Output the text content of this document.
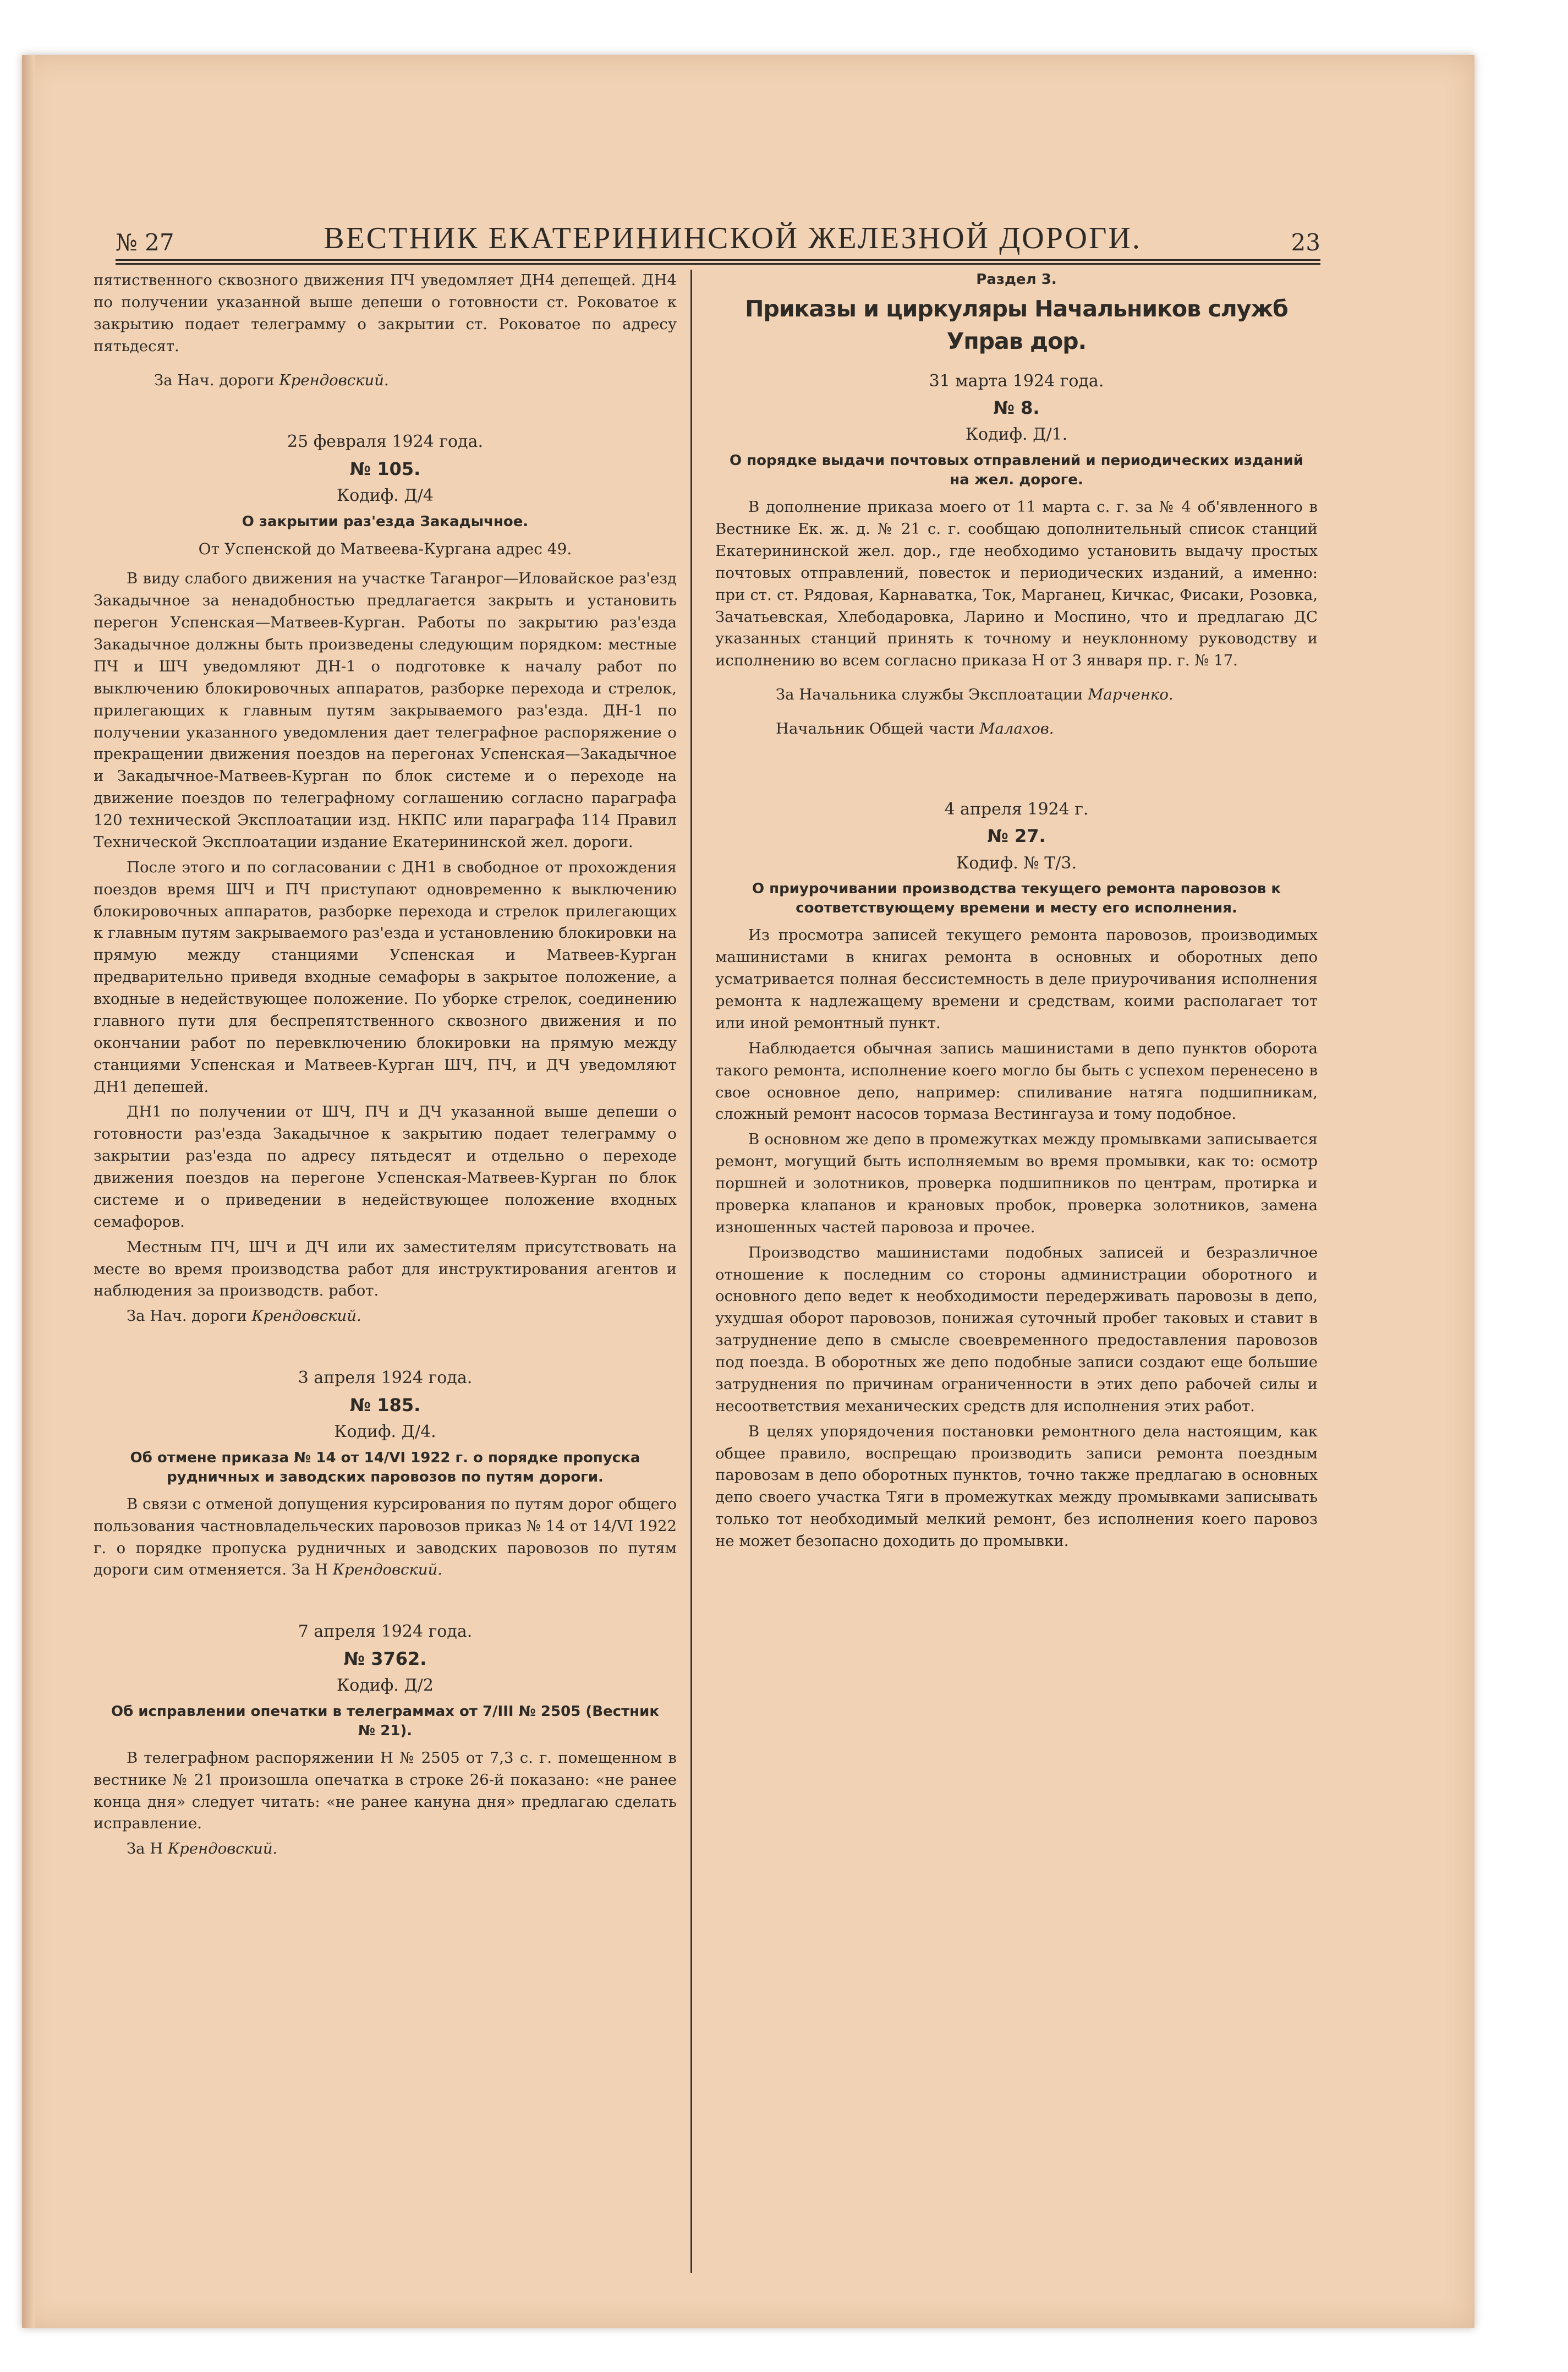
№ 27	ВЕСТНИК ЕКАТЕРИНИНСКОЙ ЖЕЛЕЗНОЙ ДОРОГИ.	23

пятиственного сквозного движения ПЧ уведомляет ДН4 депещей. ДН4 по получении указанной выше депеши о готовности ст. Роковатое к закрытию подает телеграмму о закрытии ст. Роковатое по адресу пятьдесят.

За Нач. дороги Крендовский.

25 февраля 1924 года.
№ 105.
Кодиф. Д/4
О закрытии раз'езда Закадычное.
От Успенской до Матвеева-Кургана адрес 49.

В виду слабого движения на участке Таганрог—Иловайское раз'езд Закадычное за ненадобностью предлагается закрыть и установить перегон Успенская—Матвеев-Курган. Работы по закрытию раз'езда Закадычное должны быть произведены следующим порядком: местные ПЧ и ШЧ уведомляют ДН-1 о подготовке к началу работ по выключению блокировочных аппаратов, разборке перехода и стрелок, прилегающих к главным путям закрываемого раз'езда. ДН-1 по получении указанного уведомления дает телеграфное распоряжение о прекращении движения поездов на перегонах Успенская—Закадычное и Закадычное-Матвеев-Курган по блок системе и о переходе на движение поездов по телеграфному соглашению согласно параграфа 120 технической Эксплоатации изд. НКПС или параграфа 114 Правил Технической Эксплоатации издание Екатерининской жел. дороги.

После этого и по согласовании с ДН1 в свободное от прохождения поездов время ШЧ и ПЧ приступают одновременно к выключению блокировочных аппаратов, разборке перехода и стрелок прилегающих к главным путям закрываемого раз'езда и установлению блокировки на прямую между станциями Успенская и Матвеев-Курган предварительно приведя входные семафоры в закрытое положение, а входные в недействующее положение. По уборке стрелок, соединению главного пути для беспрепятственного сквозного движения и по окончании работ по перевключению блокировки на прямую между станциями Успенская и Матвеев-Курган ШЧ, ПЧ, и ДЧ уведомляют ДН1 депешей.

ДН1 по получении от ШЧ, ПЧ и ДЧ указанной выше депеши о готовности раз'езда Закадычное к закрытию подает телеграмму о закрытии раз'езда по адресу пятьдесят и отдельно о переходе движения поездов на перегоне Успенская-Матвеев-Курган по блок системе и о приведении в недействующее положение входных семафоров.

Местным ПЧ, ШЧ и ДЧ или их заместителям присутствовать на месте во время производства работ для инструктирования агентов и наблюдения за производств. работ.

За Нач. дороги Крендовский.

3 апреля 1924 года.
№ 185.
Кодиф. Д/4.
Об отмене приказа № 14 от 14/VI 1922 г. о порядке пропуска рудничных и заводских паровозов по путям дороги.

В связи с отменой допущения курсирования по путям дорог общего пользования частновладельческих паровозов приказ № 14 от 14/VI 1922 г. о порядке пропуска рудничных и заводских паровозов по путям дороги сим отменяется. За Н Крендовский.

7 апреля 1924 года.
№ 3762.
Кодиф. Д/2
Об исправлении опечатки в телеграммах от 7/III № 2505 (Вестник № 21).

В телеграфном распоряжении Н № 2505 от 7,3 с. г. помещенном в вестнике № 21 произошла опечатка в строке 26-й показано: «не ранее конца дня» следует читать: «не ранее кануна дня» предлагаю сделать исправление.

За Н Крендовский.

Раздел 3.
Приказы и циркуляры Начальников служб Управ дор.
31 марта 1924 года.
№ 8.
Кодиф. Д/1.
О порядке выдачи почтовых отправлений и периодических изданий на жел. дороге.

В дополнение приказа моего от 11 марта с. г. за № 4 об'явленного в Вестнике Ек. ж. д. № 21 с. г. сообщаю дополнительный список станций Екатерининской жел. дор., где необходимо установить выдачу простых почтовых отправлений, повесток и периодических изданий, а именно: при ст. ст. Рядовая, Карнаватка, Ток, Марганец, Кичкас, Фисаки, Розовка, Зачатьевская, Хлебодаровка, Ларино и Моспино, что и предлагаю ДС указанных станций принять к точному и неуклонному руководству и исполнению во всем согласно приказа Н от 3 января пр. г. № 17.

За Начальника службы Эксплоатации Марченко.

Начальник Общей части Малахов.

4 апреля 1924 г.
№ 27.
Кодиф. № Т/3.
О приурочивании производства текущего ремонта паровозов к соответствующему времени и месту его исполнения.

Из просмотра записей текущего ремонта паровозов, производимых машинистами в книгах ремонта в основных и оборотных депо усматривается полная бессистемность в деле приурочивания исполнения ремонта к надлежащему времени и средствам, коими располагает тот или иной ремонтный пункт.

Наблюдается обычная запись машинистами в депо пунктов оборота такого ремонта, исполнение коего могло бы быть с успехом перенесено в свое основное депо, например: спиливание натяга подшипникам, сложный ремонт насосов тормаза Вестингауза и тому подобное.

В основном же депо в промежутках между промывками записывается ремонт, могущий быть исполняемым во время промывки, как то: осмотр поршней и золотников, проверка подшипников по центрам, протирка и проверка клапанов и крановых пробок, проверка золотников, замена изношенных частей паровоза и прочее.

Производство машинистами подобных записей и безразличное отношение к последним со стороны администрации оборотного и основного депо ведет к необходимости передерживать паровозы в депо, ухудшая оборот паровозов, понижая суточный пробег таковых и ставит в затруднение депо в смысле своевременного предоставления паровозов под поезда. В оборотных же депо подобные записи создают еще большие затруднения по причинам ограниченности в этих депо рабочей силы и несоответствия механических средств для исполнения этих работ.

В целях упорядочения постановки ремонтного дела настоящим, как общее правило, воспрещаю производить записи ремонта поездным паровозам в депо оборотных пунктов, точно также предлагаю в основных депо своего участка Тяги в промежутках между промывками записывать только тот необходимый мелкий ремонт, без исполнения коего паровоз не может безопасно доходить до промывки.
